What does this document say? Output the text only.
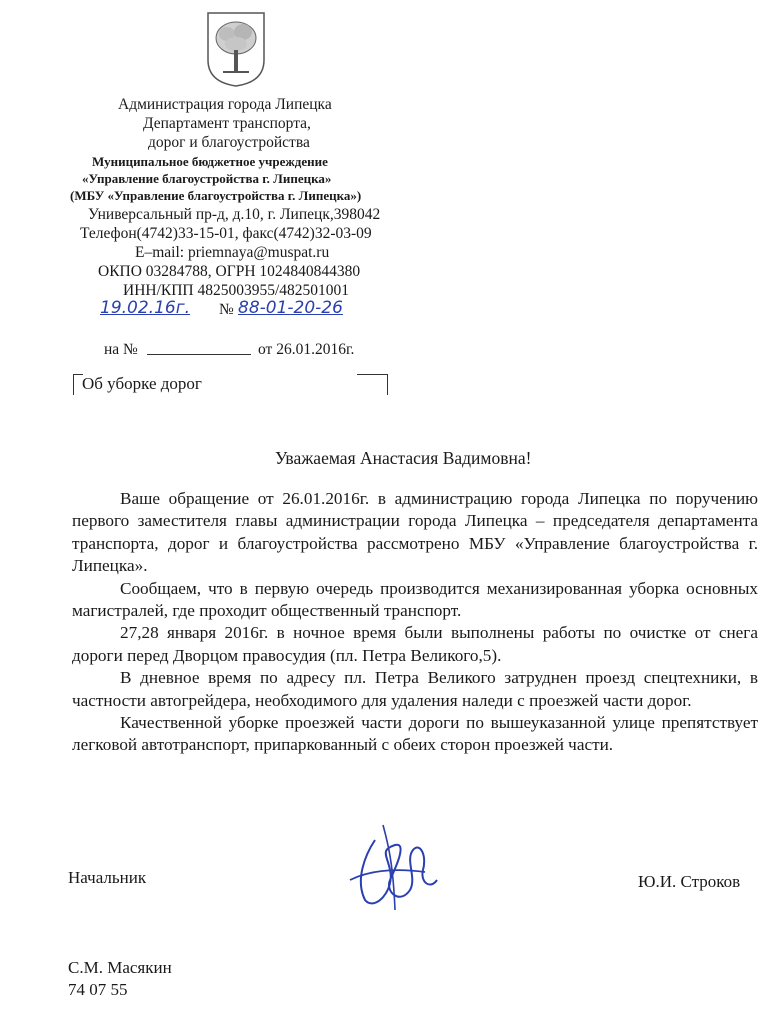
Администрация города Липецка
Департамент транспорта,
дорог и благоустройства
Муниципальное бюджетное учреждение
«Управление благоустройства г. Липецка»
(МБУ «Управление благоустройства г. Липецка»)
Универсальный пр-д, д.10, г. Липецк,398042
Телефон(4742)33-15-01, факс(4742)32-03-09
E–mail: priemnaya@muspat.ru
ОКПО 03284788, ОГРН 1024840844380
ИНН/КПП 4825003955/482501001
19.02.16г. № 88-01-20-26
на №	от 26.01.2016г.
Об уборке дорог
Уважаемая Анастасия Вадимовна!

Ваше обращение от 26.01.2016г. в администрацию города Липецка по поручению первого заместителя главы администрации города Липецка – председателя департамента транспорта, дорог и благоустройства рассмотрено МБУ «Управление благоустройства г. Липецка».

Сообщаем, что в первую очередь производится механизированная уборка основных магистралей, где проходит общественный транспорт.

27,28 января 2016г. в ночное время были выполнены работы по очистке от снега дороги перед Дворцом правосудия (пл. Петра Великого,5).

В дневное время по адресу пл. Петра Великого затруднен проезд спецтехники, в частности автогрейдера, необходимого для удаления наледи с проезжей части дорог.

Качественной уборке проезжей части дороги по вышеуказанной улице препятствует легковой автотранспорт, припаркованный с обеих сторон проезжей части.

Начальник	Ю.И. Строков
С.М. Масякин
74 07 55
